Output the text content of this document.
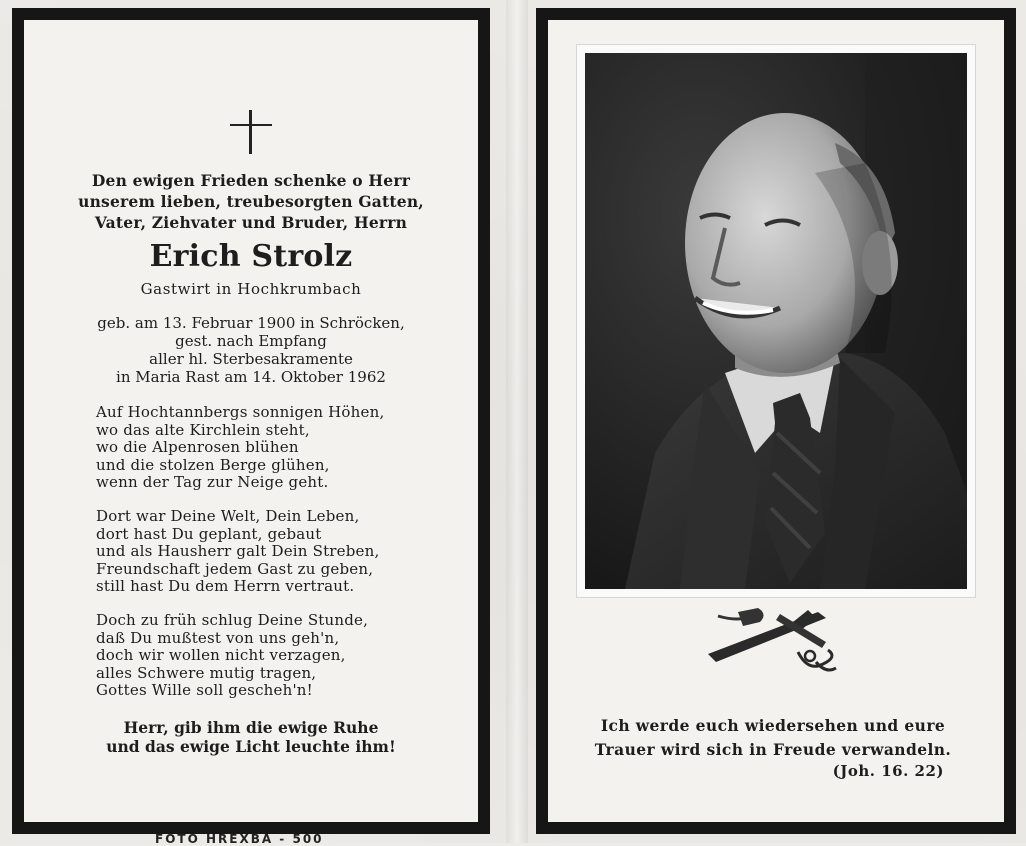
Den ewigen Frieden schenke o Herr
unserem lieben, treubesorgten Gatten,
Vater, Ziehvater und Bruder, Herrn
Erich Strolz
Gastwirt in Hochkrumbach
geb. am 13. Februar 1900 in Schröcken,
gest. nach Empfang
aller hl. Sterbesakramente
in Maria Rast am 14. Oktober 1962
Auf Hochtannbergs sonnigen Höhen,
wo das alte Kirchlein steht,
wo die Alpenrosen blühen
und die stolzen Berge glühen,
wenn der Tag zur Neige geht.
Dort war Deine Welt, Dein Leben,
dort hast Du geplant, gebaut
und als Hausherr galt Dein Streben,
Freundschaft jedem Gast zu geben,
still hast Du dem Herrn vertraut.
Doch zu früh schlug Deine Stunde,
daß Du mußtest von uns geh'n,
doch wir wollen nicht verzagen,
alles Schwere mutig tragen,
Gottes Wille soll gescheh'n!
Herr, gib ihm die ewige Ruhe
und das ewige Licht leuchte ihm!
Ich werde euch wiedersehen und eure
Trauer wird sich in Freude verwandeln.
(Joh. 16. 22)
FOTO HREXBA - 500
